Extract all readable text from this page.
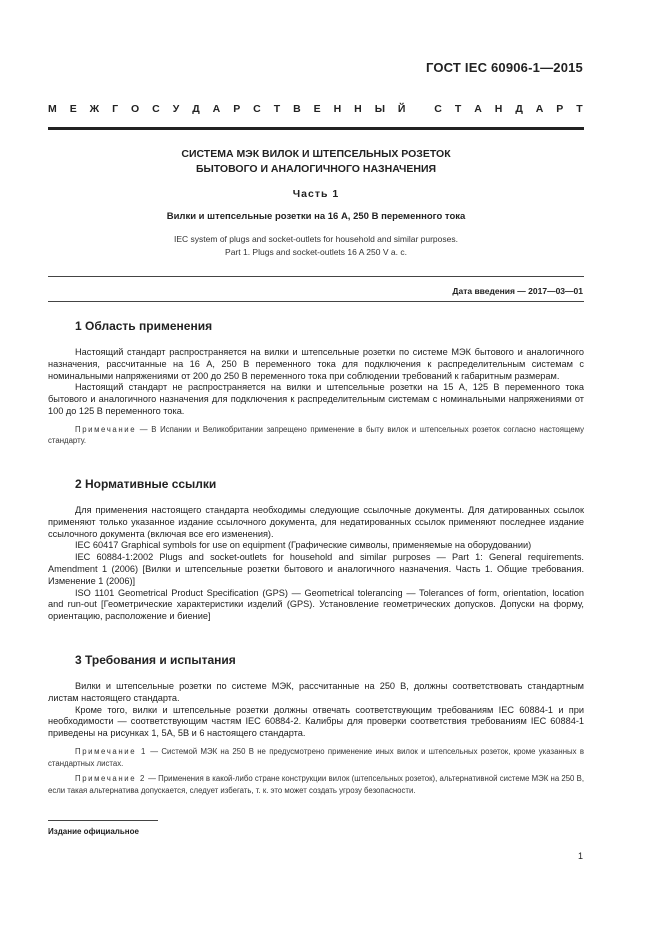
ГОСТ IEC 60906-1—2015
М Е Ж Г О С У Д А Р С Т В Е Н Н Ы Й
	С Т А Н Д А Р Т
СИСТЕМА МЭК ВИЛОК И ШТЕПСЕЛЬНЫХ РОЗЕТОК
БЫТОВОГО И АНАЛОГИЧНОГО НАЗНАЧЕНИЯ
Часть 1
Вилки и штепсельные розетки на 16 А, 250 В переменного тока
IEC system of plugs and socket-outlets for household and similar purposes.
Part 1. Plugs and socket-outlets 16 A 250 V a. c.
Дата введения — 2017—03—01
1 Область применения

Настоящий стандарт распространяется на вилки и штепсельные розетки по системе МЭК бытового и аналогичного назначения, рассчитанные на 16 А, 250 В переменного тока для подключения к распределительным системам с номинальными напряжениями от 200 до 250 В переменного тока при соблюдении требований к габаритным размерам.

Настоящий стандарт не распространяется на вилки и штепсельные розетки на 15 А, 125 В переменного тока бытового и аналогичного назначения для подключения к распределительным системам с номинальными напряжениями от 100 до 125 В переменного тока.

Примечание — В Испании и Великобритании запрещено применение в быту вилок и штепсельных розеток согласно настоящему стандарту.

2 Нормативные ссылки

Для применения настоящего стандарта необходимы следующие ссылочные документы. Для датированных ссылок применяют только указанное издание ссылочного документа, для недатированных ссылок применяют последнее издание ссылочного документа (включая все его изменения).

IEC 60417 Graphical symbols for use on equipment (Графические символы, применяемые на оборудовании)

IEC 60884-1:2002 Plugs and socket-outlets for household and similar purposes — Part 1: General requirements. Amendment 1 (2006) [Вилки и штепсельные розетки бытового и аналогичного назначения. Часть 1. Общие требования. Изменение 1 (2006)]

ISO 1101 Geometrical Product Specification (GPS) — Geometrical tolerancing — Tolerances of form, orientation, location and run-out [Геометрические характеристики изделий (GPS). Установление геометрических допусков. Допуски на форму, ориентацию, расположение и биение]

3 Требования и испытания

Вилки и штепсельные розетки по системе МЭК, рассчитанные на 250 В, должны соответствовать стандартным листам настоящего стандарта.

Кроме того, вилки и штепсельные розетки должны отвечать соответствующим требованиям IEC 60884-1 и при необходимости — соответствующим частям IEC 60884-2. Калибры для проверки соответствия требованиям IEC 60884-1 приведены на рисунках 1, 5А, 5В и 6 настоящего стандарта.

Примечание 1 — Системой МЭК на 250 В не предусмотрено применение иных вилок и штепсельных розеток, кроме указанных в стандартных листах.

Примечание 2 — Применения в какой-либо стране конструкции вилок (штепсельных розеток), альтернативной системе МЭК на 250 В, если такая альтернатива допускается, следует избегать, т. к. это может создать угрозу безопасности.

Издание официальное
1
